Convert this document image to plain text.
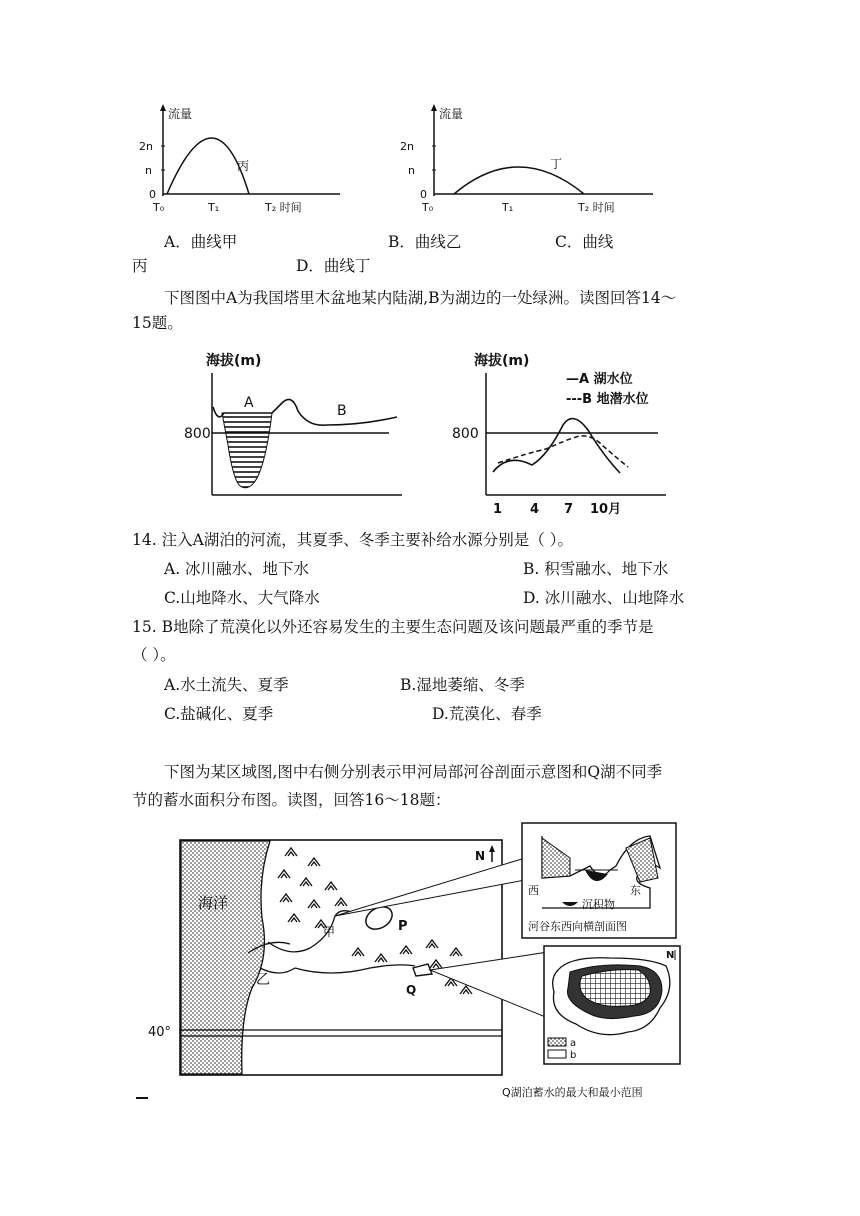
流量
2n
n
0
丙
T₀	T₁	T₂ 时间
流量
2n
n
0
丁
T₀	T₁	T₂ 时间
A．曲线甲	B．曲线乙	C．曲线
丙	D．曲线丁
下图图中A为我国塔里木盆地某内陆湖,B为湖边的一处绿洲。读图回答14～
15题。
海拔(m)
800
A	B
海拔(m)
—A 湖水位
---B 地潜水位
800
1 4 7 10月
14. 注入A湖泊的河流，其夏季、冬季主要补给水源分别是（ ）。
A. 冰川融水、地下水	B. 积雪融水、地下水
C.山地降水、大气降水	D. 冰川融水、山地降水
15. B地除了荒漠化以外还容易发生的主要生态问题及该问题最严重的季节是
（ ）。
A.水土流失、夏季	B.湿地萎缩、冬季
C.盐碱化、夏季	D.荒漠化、春季
下图为某区域图,图中右侧分别表示甲河局部河谷剖面示意图和Q湖不同季
节的蓄水面积分布图。读图，回答16～18题：
海洋
40°
N
甲
乙
P
Q
西	东
沉积物
河谷东西向横剖面图
N
a
b
Q湖泊蓄水的最大和最小范围
